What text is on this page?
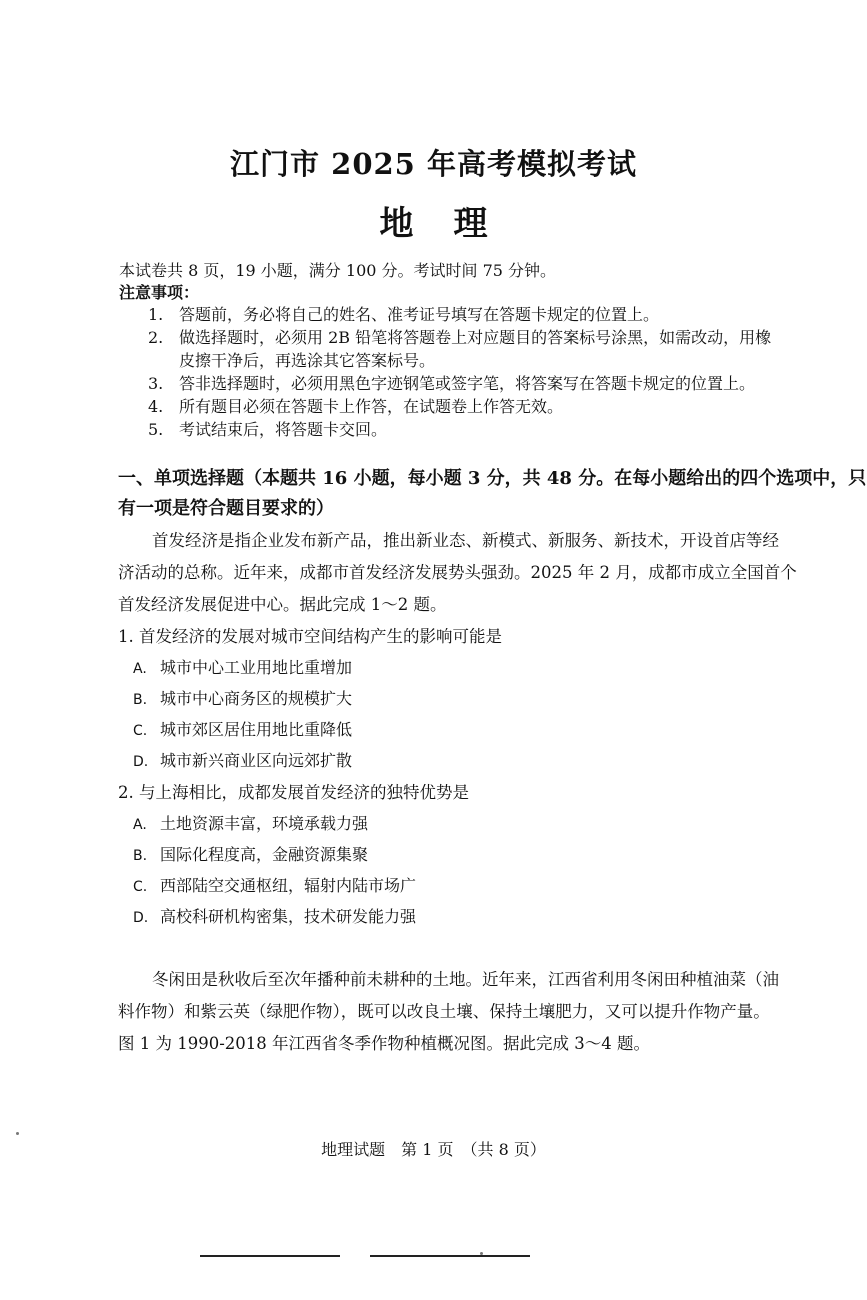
江门市 2025 年高考模拟考试
地理
本试卷共 8 页，19 小题，满分 100 分。考试时间 75 分钟。
注意事项：
1. 答题前，务必将自己的姓名、准考证号填写在答题卡规定的位置上。
2. 做选择题时，必须用 2B 铅笔将答题卷上对应题目的答案标号涂黑，如需改动，用橡
皮擦干净后，再选涂其它答案标号。
3. 答非选择题时，必须用黑色字迹钢笔或签字笔，将答案写在答题卡规定的位置上。
4. 所有题目必须在答题卡上作答，在试题卷上作答无效。
5. 考试结束后，将答题卡交回。
一、单项选择题（本题共 16 小题，每小题 3 分，共 48 分。在每小题给出的四个选项中，只
有一项是符合题目要求的）
首发经济是指企业发布新产品，推出新业态、新模式、新服务、新技术，开设首店等经
济活动的总称。近年来，成都市首发经济发展势头强劲。2025 年 2 月，成都市成立全国首个
首发经济发展促进中心。据此完成 1～2 题。
1. 首发经济的发展对城市空间结构产生的影响可能是
A. 城市中心工业用地比重增加
B. 城市中心商务区的规模扩大
C. 城市郊区居住用地比重降低
D. 城市新兴商业区向远郊扩散
2. 与上海相比，成都发展首发经济的独特优势是
A. 土地资源丰富，环境承载力强
B. 国际化程度高，金融资源集聚
C. 西部陆空交通枢纽，辐射内陆市场广
D. 高校科研机构密集，技术研发能力强
冬闲田是秋收后至次年播种前未耕种的土地。近年来，江西省利用冬闲田种植油菜（油
料作物）和紫云英（绿肥作物），既可以改良土壤、保持土壤肥力，又可以提升作物产量。
图 1 为 1990-2018 年江西省冬季作物种植概况图。据此完成 3～4 题。
地理试题　第 1 页　（共 8 页）
